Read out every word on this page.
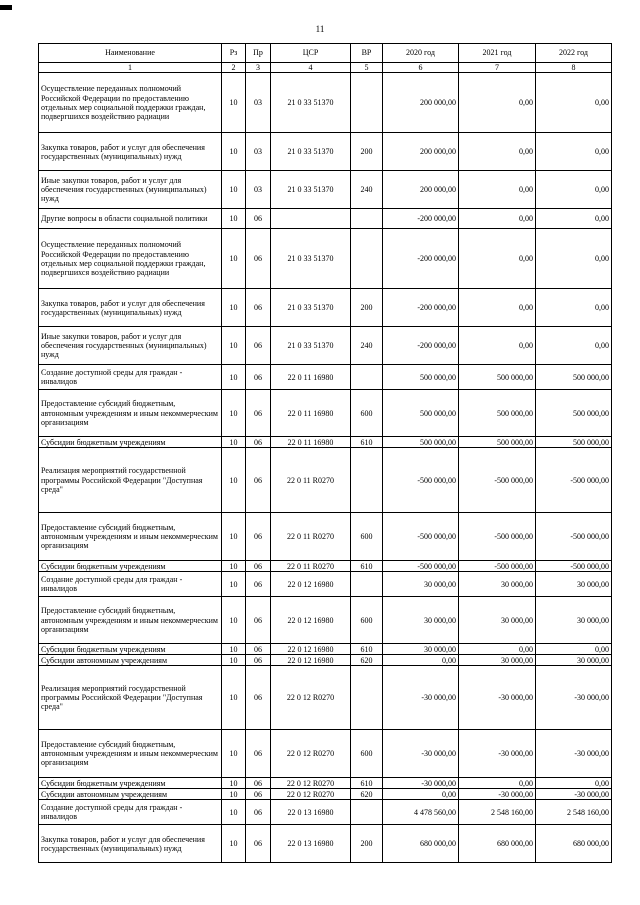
11
Наименование	Рз	Пр	ЦСР	ВР	2020 год	2021 год	2022 год
1	2	3	4	5	6	7	8
Осуществление переданных полномочий Российской Федерации по предоставлению отдельных мер социальной поддержки граждан, подвергшихся воздействию радиации	10	03	21 0 33 51370		200 000,00	0,00	0,00
Закупка товаров, работ и услуг для обеспечения государственных (муниципальных) нужд	10	03	21 0 33 51370	200	200 000,00	0,00	0,00
Иные закупки товаров, работ и услуг для обеспечения государственных (муниципальных) нужд	10	03	21 0 33 51370	240	200 000,00	0,00	0,00
Другие вопросы в области социальной политики	10	06			-200 000,00	0,00	0,00
Осуществление переданных полномочий Российской Федерации по предоставлению отдельных мер социальной поддержки граждан, подвергшихся воздействию радиации	10	06	21 0 33 51370		-200 000,00	0,00	0,00
Закупка товаров, работ и услуг для обеспечения государственных (муниципальных) нужд	10	06	21 0 33 51370	200	-200 000,00	0,00	0,00
Иные закупки товаров, работ и услуг для обеспечения государственных (муниципальных) нужд	10	06	21 0 33 51370	240	-200 000,00	0,00	0,00
Создание доступной среды для граждан - инвалидов	10	06	22 0 11 16980		500 000,00	500 000,00	500 000,00
Предоставление субсидий бюджетным, автономным учреждениям и иным некоммерческим организациям	10	06	22 0 11 16980	600	500 000,00	500 000,00	500 000,00
Субсидии бюджетным учреждениям	10	06	22 0 11 16980	610	500 000,00	500 000,00	500 000,00
Реализация мероприятий государственной программы Российской Федерации "Доступная среда"	10	06	22 0 11 R0270		-500 000,00	-500 000,00	-500 000,00
Предоставление субсидий бюджетным, автономным учреждениям и иным некоммерческим организациям	10	06	22 0 11 R0270	600	-500 000,00	-500 000,00	-500 000,00
Субсидии бюджетным учреждениям	10	06	22 0 11 R0270	610	-500 000,00	-500 000,00	-500 000,00
Создание доступной среды для граждан - инвалидов	10	06	22 0 12 16980		30 000,00	30 000,00	30 000,00
Предоставление субсидий бюджетным, автономным учреждениям и иным некоммерческим организациям	10	06	22 0 12 16980	600	30 000,00	30 000,00	30 000,00
Субсидии бюджетным учреждениям	10	06	22 0 12 16980	610	30 000,00	0,00	0,00
Субсидии автономным учреждениям	10	06	22 0 12 16980	620	0,00	30 000,00	30 000,00
Реализация мероприятий государственной программы Российской Федерации "Доступная среда"	10	06	22 0 12 R0270		-30 000,00	-30 000,00	-30 000,00
Предоставление субсидий бюджетным, автономным учреждениям и иным некоммерческим организациям	10	06	22 0 12 R0270	600	-30 000,00	-30 000,00	-30 000,00
Субсидии бюджетным учреждениям	10	06	22 0 12 R0270	610	-30 000,00	0,00	0,00
Субсидии автономным учреждениям	10	06	22 0 12 R0270	620	0,00	-30 000,00	-30 000,00
Создание доступной среды для граждан - инвалидов	10	06	22 0 13 16980		4 478 560,00	2 548 160,00	2 548 160,00
Закупка товаров, работ и услуг для обеспечения государственных (муниципальных) нужд	10	06	22 0 13 16980	200	680 000,00	680 000,00	680 000,00
